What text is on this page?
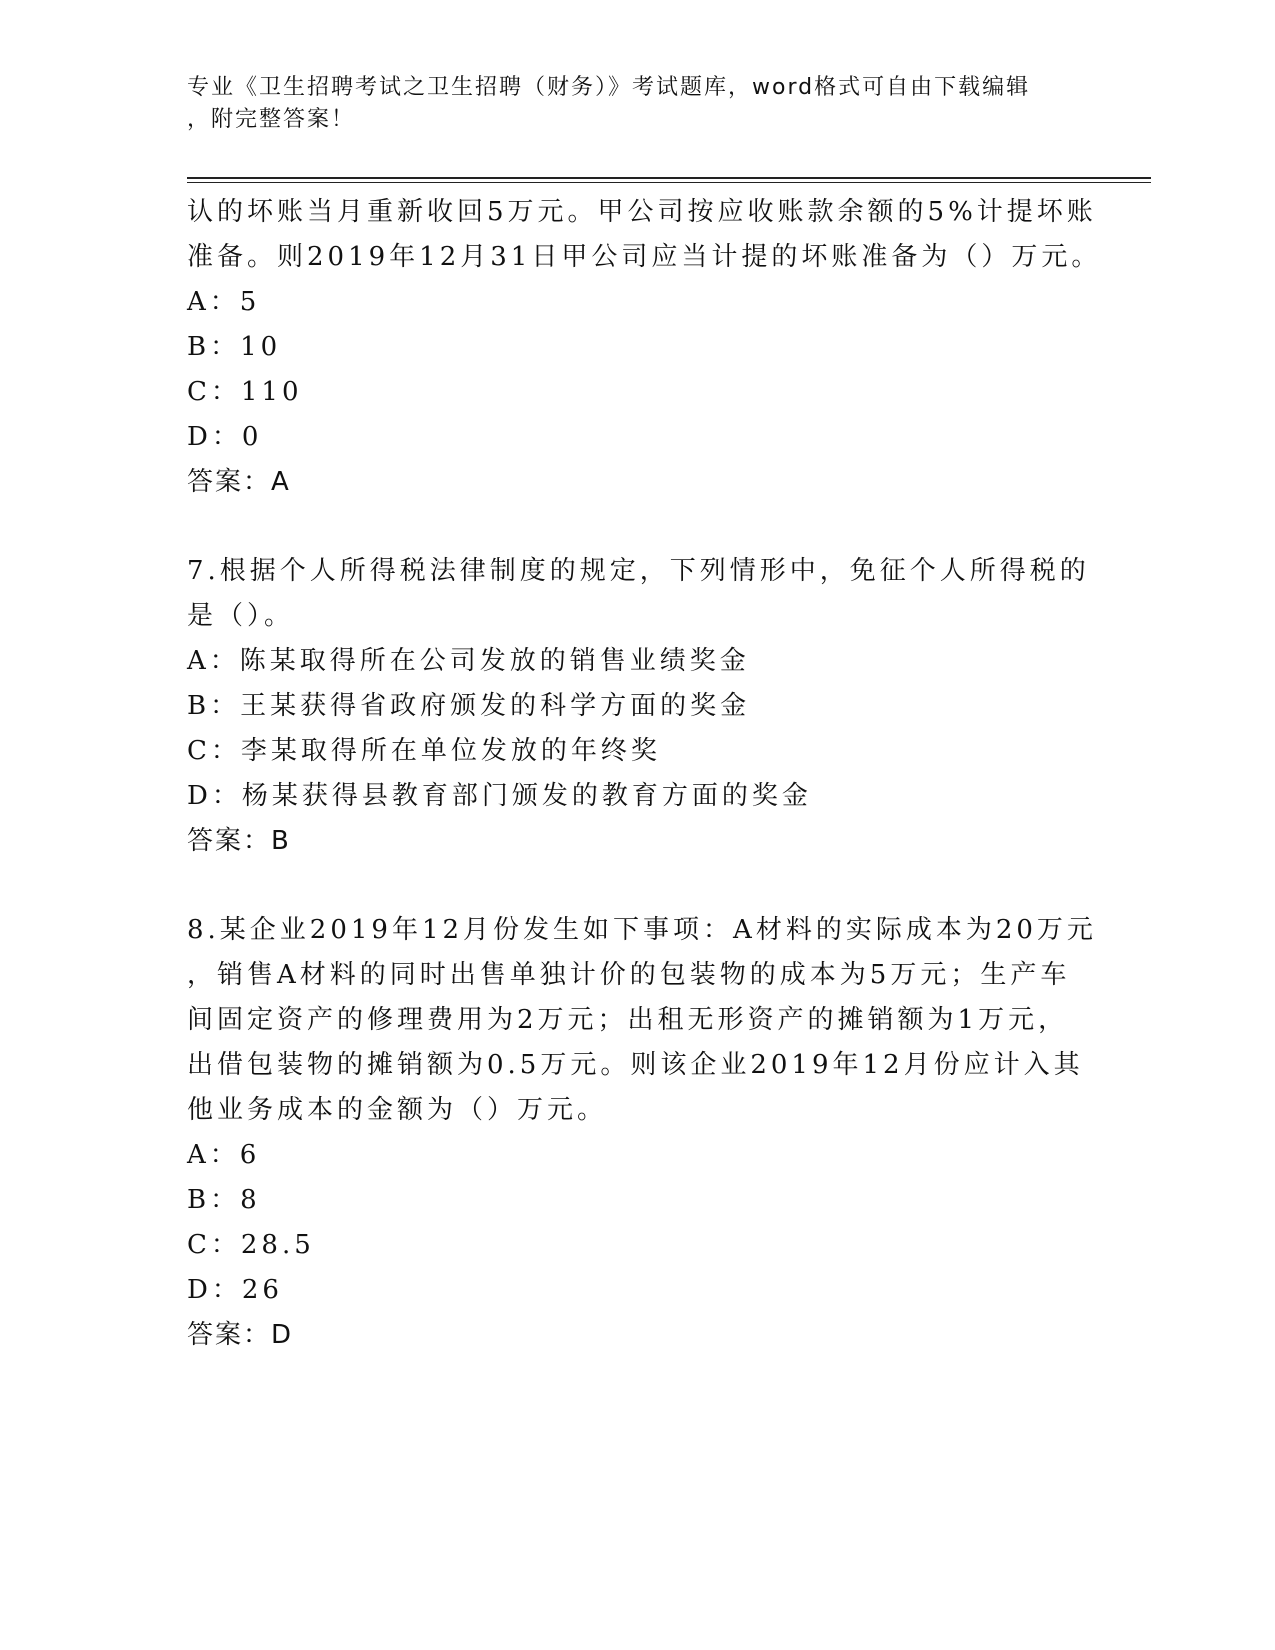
专业《卫生招聘考试之卫生招聘（财务）》考试题库，word格式可自由下载编辑
，附完整答案！
认的坏账当月重新收回5万元。甲公司按应收账款余额的5%计提坏账
准备。则2019年12月31日甲公司应当计提的坏账准备为（）万元。
A：5
B：10
C：110
D：0
答案：A
7.根据个人所得税法律制度的规定，下列情形中，免征个人所得税的
是（）。
A：陈某取得所在公司发放的销售业绩奖金
B：王某获得省政府颁发的科学方面的奖金
C：李某取得所在单位发放的年终奖
D：杨某获得县教育部门颁发的教育方面的奖金
答案：B
8.某企业2019年12月份发生如下事项：A材料的实际成本为20万元
，销售A材料的同时出售单独计价的包装物的成本为5万元；生产车
间固定资产的修理费用为2万元；出租无形资产的摊销额为1万元，
出借包装物的摊销额为0.5万元。则该企业2019年12月份应计入其
他业务成本的金额为（）万元。
A：6
B：8
C：28.5
D：26
答案：D
